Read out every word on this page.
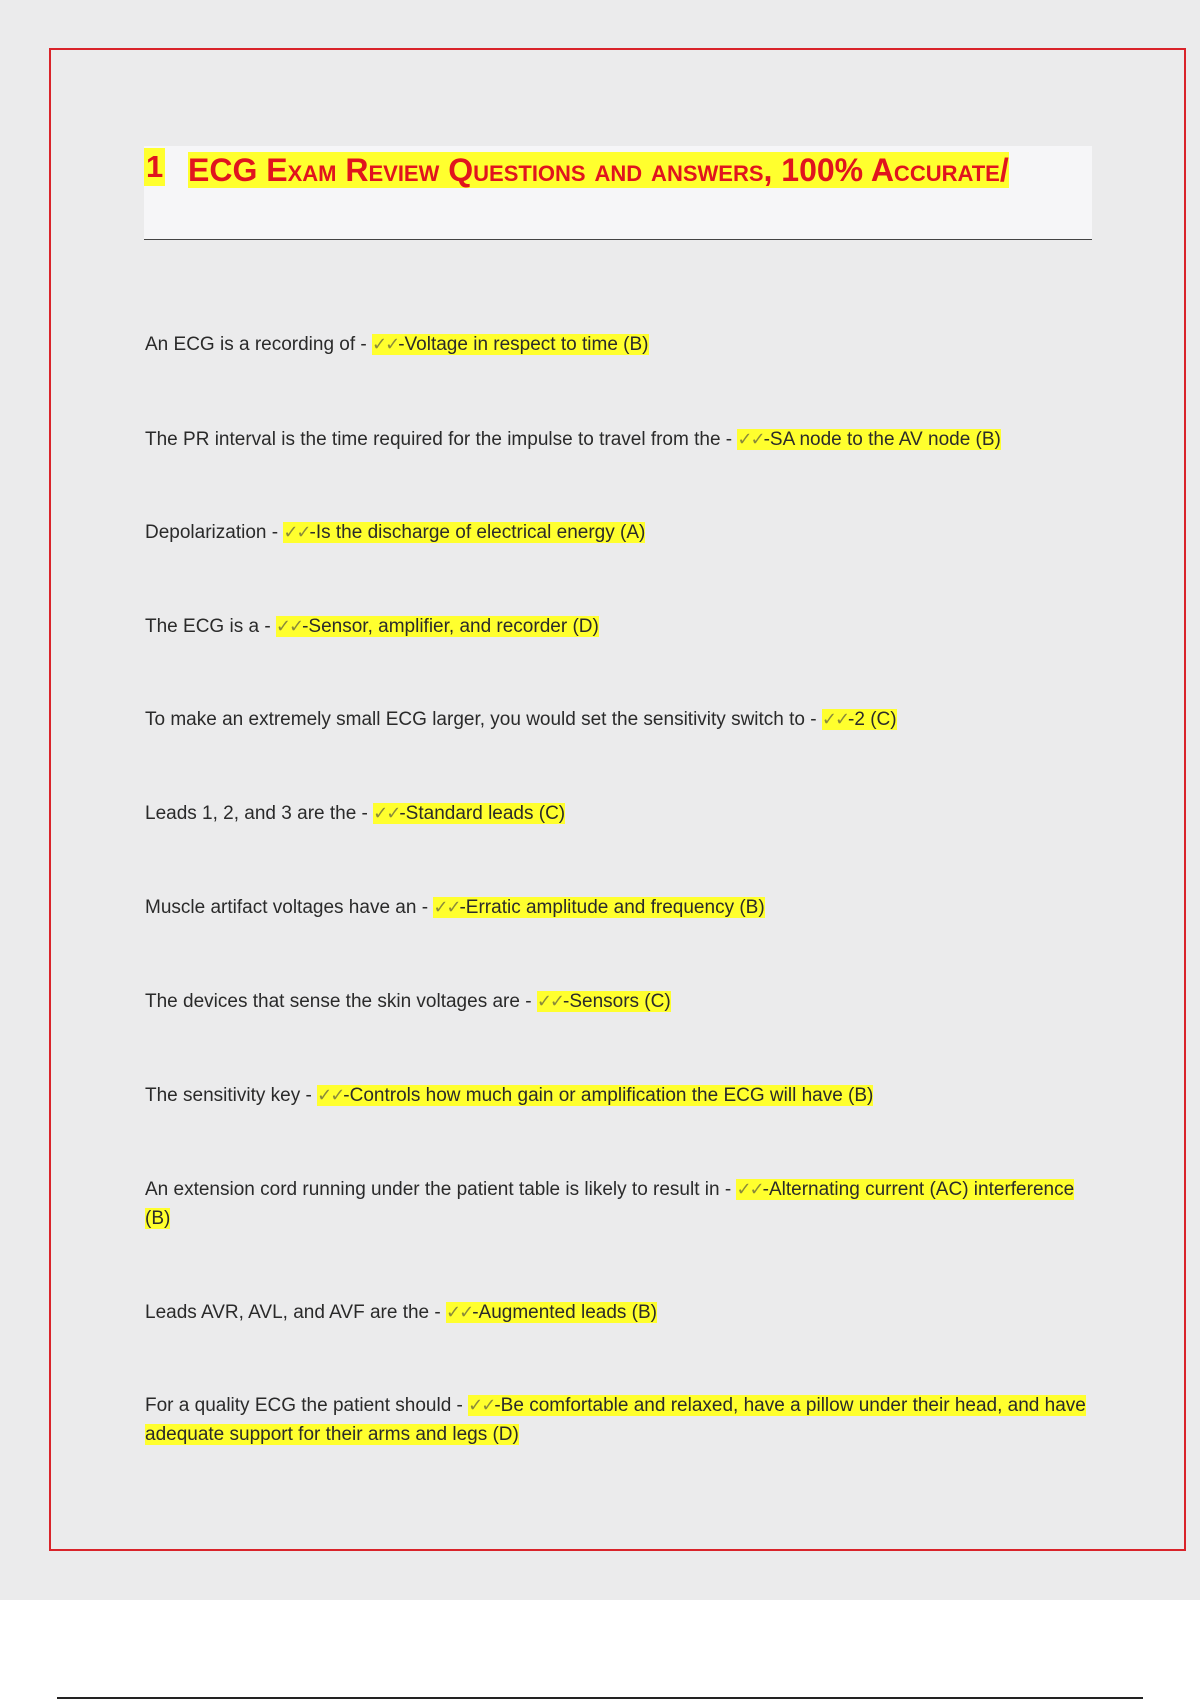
1 ECG Exam Review Questions and answers, 100% Accurate/
An ECG is a recording of - ✓✓-Voltage in respect to time (B)
The PR interval is the time required for the impulse to travel from the - ✓✓-SA node to the AV node (B)
Depolarization - ✓✓-Is the discharge of electrical energy (A)
The ECG is a - ✓✓-Sensor, amplifier, and recorder (D)
To make an extremely small ECG larger, you would set the sensitivity switch to - ✓✓-2 (C)
Leads 1, 2, and 3 are the - ✓✓-Standard leads (C)
Muscle artifact voltages have an - ✓✓-Erratic amplitude and frequency (B)
The devices that sense the skin voltages are - ✓✓-Sensors (C)
The sensitivity key - ✓✓-Controls how much gain or amplification the ECG will have (B)
An extension cord running under the patient table is likely to result in - ✓✓-Alternating current (AC) interference (B)
Leads AVR, AVL, and AVF are the - ✓✓-Augmented leads (B)
For a quality ECG the patient should - ✓✓-Be comfortable and relaxed, have a pillow under their head, and have adequate support for their arms and legs (D)
